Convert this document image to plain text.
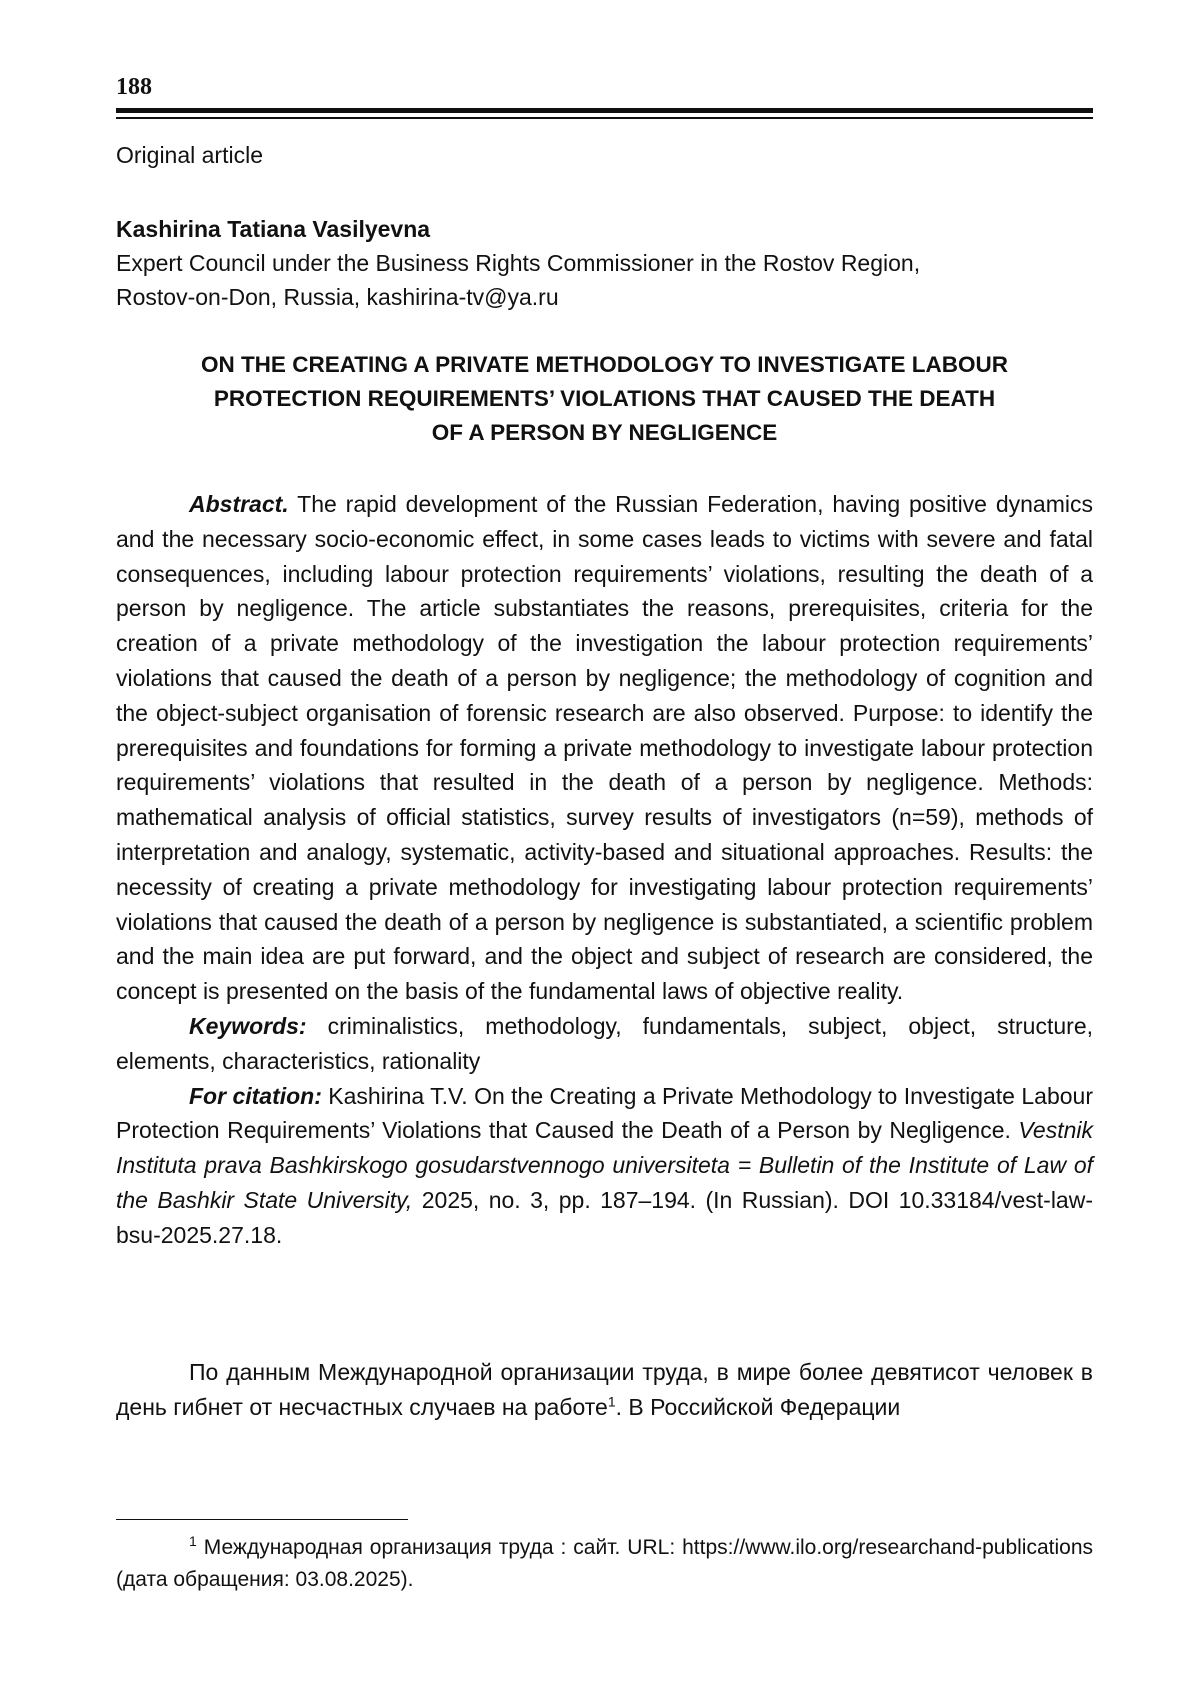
188
Original article
Kashirina Tatiana Vasilyevna
Expert Council under the Business Rights Commissioner in the Rostov Region,
Rostov-on-Don, Russia, kashirina-tv@ya.ru
ON THE CREATING A PRIVATE METHODOLOGY TO INVESTIGATE LABOUR
PROTECTION REQUIREMENTS’ VIOLATIONS THAT CAUSED THE DEATH
OF A PERSON BY NEGLIGENCE

Abstract. The rapid development of the Russian Federation, having positive dynamics and the necessary socio-economic effect, in some cases leads to victims with severe and fatal consequences, including labour protection requirements’ violations, resulting the death of a person by negligence. The article substantiates the reasons, prerequisites, criteria for the creation of a private methodology of the investigation the labour protection requirements’ violations that caused the death of a person by negligence; the methodology of cognition and the object-subject organisation of forensic research are also observed. Purpose: to identify the prerequisites and foundations for forming a private methodology to investigate labour protection requirements’ violations that resulted in the death of a person by negligence. Methods: mathematical analysis of official statistics, survey results of investigators (n=59), methods of interpretation and analogy, systematic, activity-based and situational approaches. Results: the necessity of creating a private methodology for investigating labour protection requirements’ violations that caused the death of a person by negligence is substantiated, a scientific problem and the main idea are put forward, and the object and subject of research are considered, the concept is presented on the basis of the fundamental laws of objective reality.

Keywords: criminalistics, methodology, fundamentals, subject, object, structure, elements, characteristics, rationality

For citation: Kashirina T.V. On the Creating a Private Methodology to Investigate Labour Protection Requirements’ Violations that Caused the Death of a Person by Negligence. Vestnik Instituta prava Bashkirskogo gosudarstvennogo universiteta = Bulletin of the Institute of Law of the Bashkir State University, 2025, no. 3, pp. 187–194. (In Russian). DOI 10.33184/vest-law-bsu-2025.27.18.

По данным Международной организации труда, в мире более девятисот человек в день гибнет от несчастных случаев на работе$^1$. В Российской Федерации

$^1$ Международная организация труда : сайт. URL: https://www.ilo.org/researchand-publications (дата обращения: 03.08.2025).
